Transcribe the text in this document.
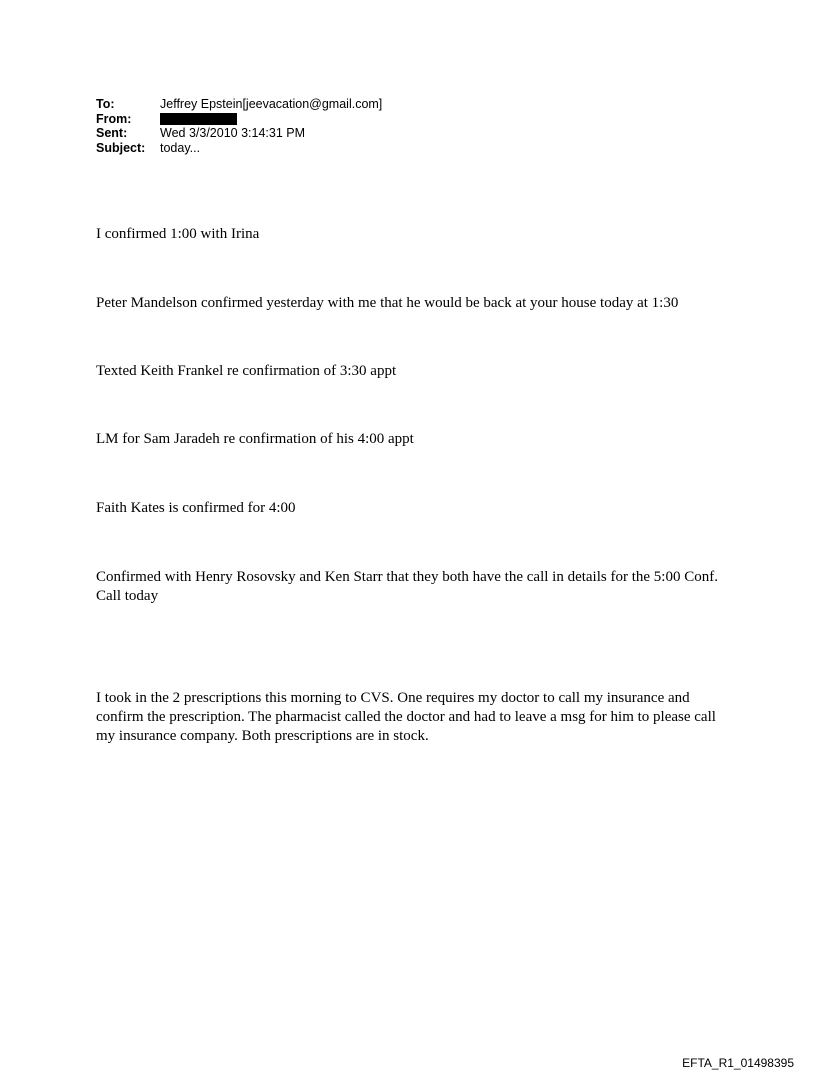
To:	Jeffrey Epstein[jeevacation@gmail.com]
From:
Sent:	Wed 3/3/2010 3:14:31 PM
Subject:	today...

I confirmed 1:00 with Irina

Peter Mandelson confirmed yesterday with me that he would be back at your house today at 1:30

Texted Keith Frankel re confirmation of 3:30 appt

LM for Sam Jaradeh re confirmation of his 4:00 appt

Faith Kates is confirmed for 4:00

Confirmed with Henry Rosovsky and Ken Starr that they both have the call in details for the 5:00 Conf. Call today

I took in the 2 prescriptions this morning to CVS. One requires my doctor to call my insurance and confirm the prescription. The pharmacist called the doctor and had to leave a msg for him to please call my insurance company. Both prescriptions are in stock.

EFTA_R1_01498395
